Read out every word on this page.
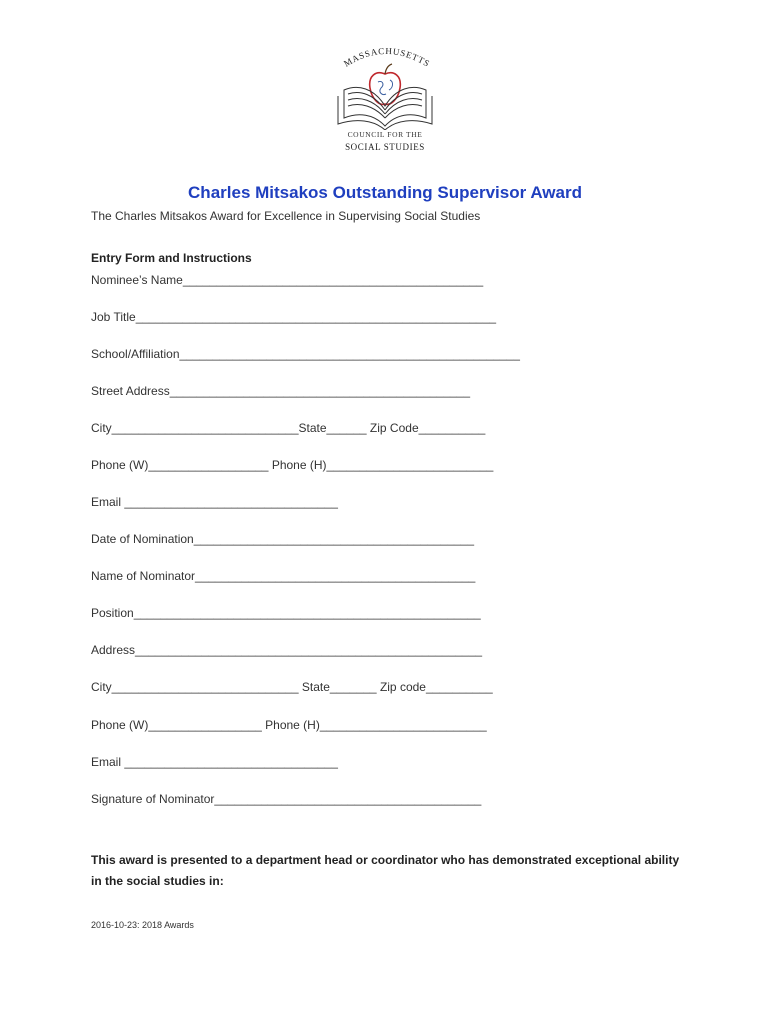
MASSACHUSETTS
COUNCIL FOR THE
SOCIAL STUDIES
Charles Mitsakos Outstanding Supervisor Award
The Charles Mitsakos Award for Excellence in Supervising Social Studies
Entry Form and Instructions
Nominee’s Name_____________________________________________
Job Title______________________________________________________
School/Affiliation___________________________________________________
Street Address_____________________________________________
City____________________________State______ Zip Code__________
Phone (W)__________________ Phone (H)_________________________
Email ________________________________
Date of Nomination__________________________________________
Name of Nominator__________________________________________
Position____________________________________________________
Address____________________________________________________
City____________________________ State_______ Zip code__________
Phone (W)_________________ Phone (H)_________________________
Email ________________________________
Signature of Nominator________________________________________
This award is presented to a department head or coordinator who has demonstrated exceptional ability in the social studies in:
2016-10-23: 2018 Awards
